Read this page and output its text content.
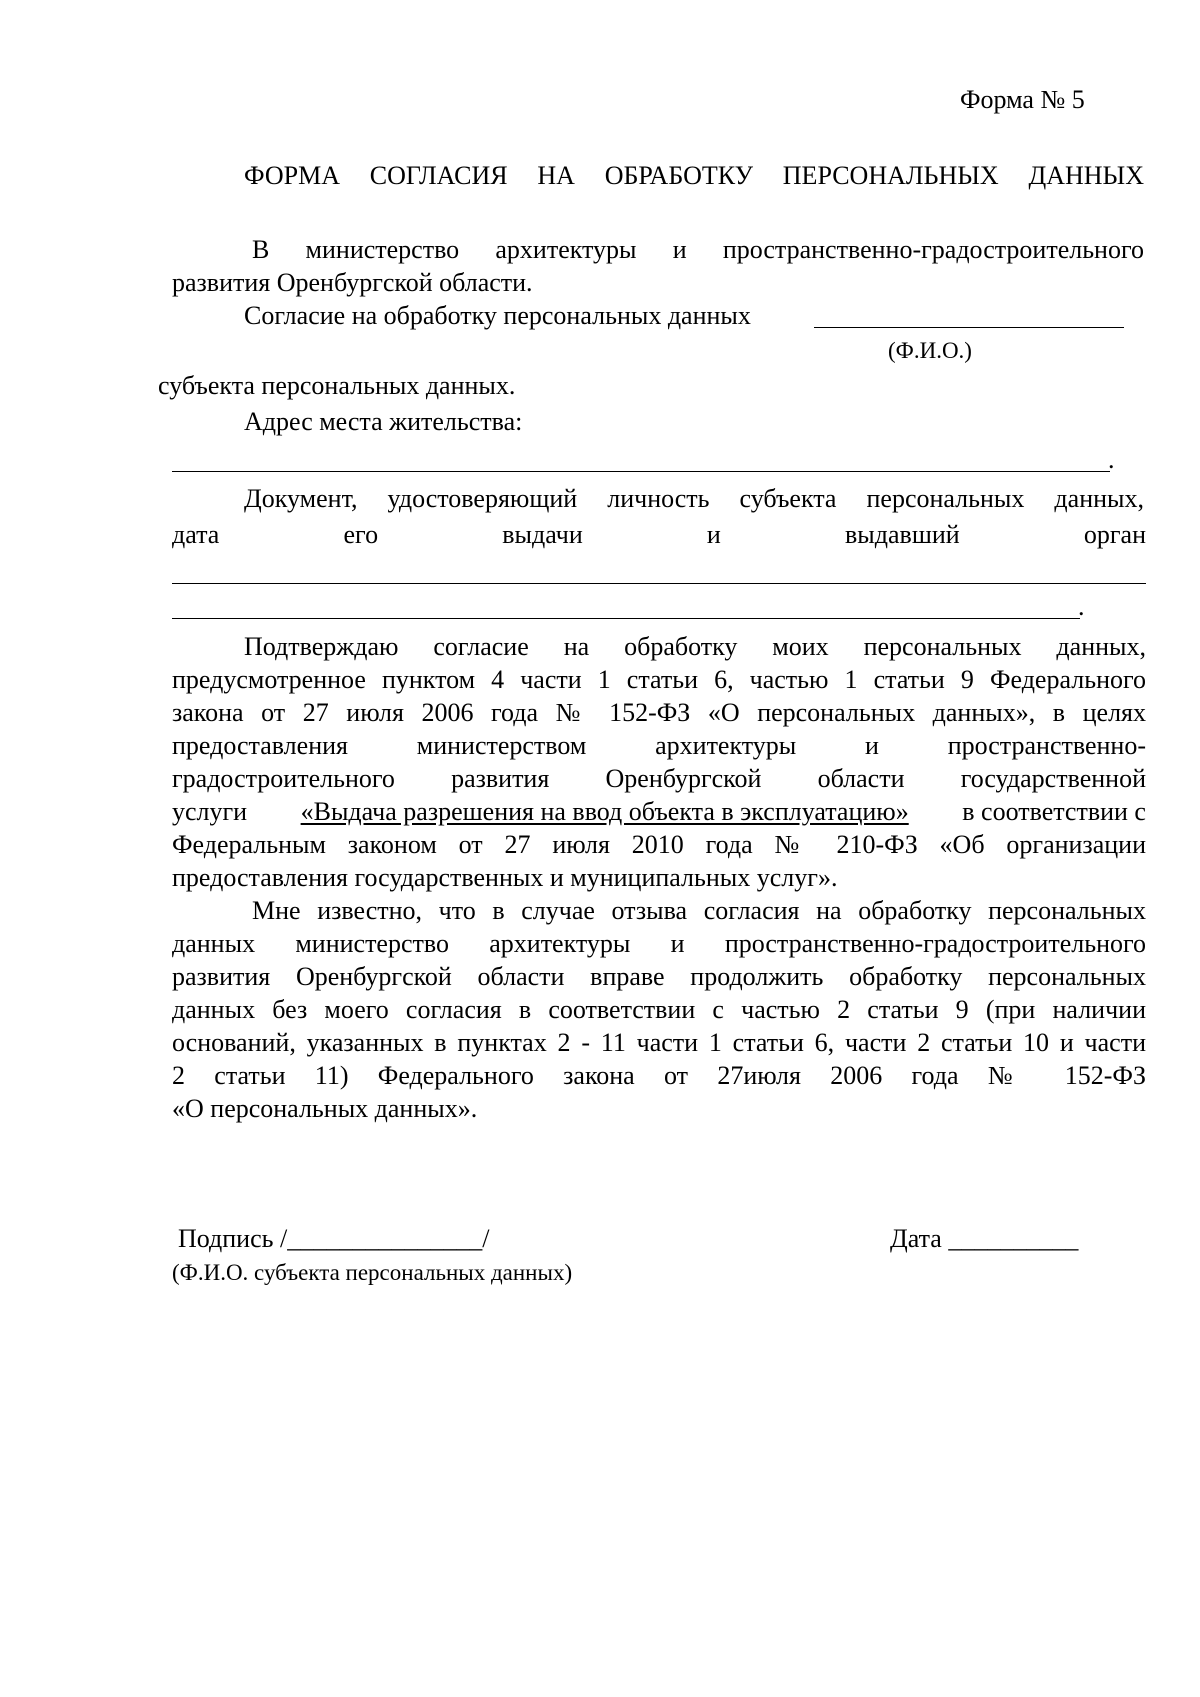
Форма № 5
ФОРМА СОГЛАСИЯ НА ОБРАБОТКУ ПЕРСОНАЛЬНЫХ ДАННЫХ
В министерство архитектуры и пространственно-градостроительного
развития Оренбургской области.
Согласие на обработку персональных данных
(Ф.И.О.)
субъекта персональных данных.
Адрес места жительства:
.
Документ, удостоверяющий личность субъекта персональных данных,
дата	его	выдачи	и	выдавший	орган
.
Подтверждаю согласие на обработку моих персональных данных,
предусмотренное пунктом 4 части 1 статьи 6, частью 1 статьи 9 Федерального
закона от 27 июля 2006 года № 152-ФЗ «О персональных данных», в целях
предоставления министерством архитектуры и пространственно-
градостроительного развития Оренбургской области государственной
услуги «Выдача разрешения на ввод объекта в эксплуатацию» в соответствии с
Федеральным законом от 27 июля 2010 года № 210-ФЗ «Об организации
предоставления государственных и муниципальных услуг».
Мне известно, что в случае отзыва согласия на обработку персональных
данных министерство архитектуры и пространственно-градостроительного
развития Оренбургской области вправе продолжить обработку персональных
данных без моего согласия в соответствии с частью 2 статьи 9 (при наличии
оснований, указанных в пунктах 2 - 11 части 1 статьи 6, части 2 статьи 10 и части
2 статьи 11) Федерального закона от 27июля 2006 года № 152-ФЗ
«О персональных данных».
Подпись /_______________/
(Ф.И.О. субъекта персональных данных)
Дата __________
